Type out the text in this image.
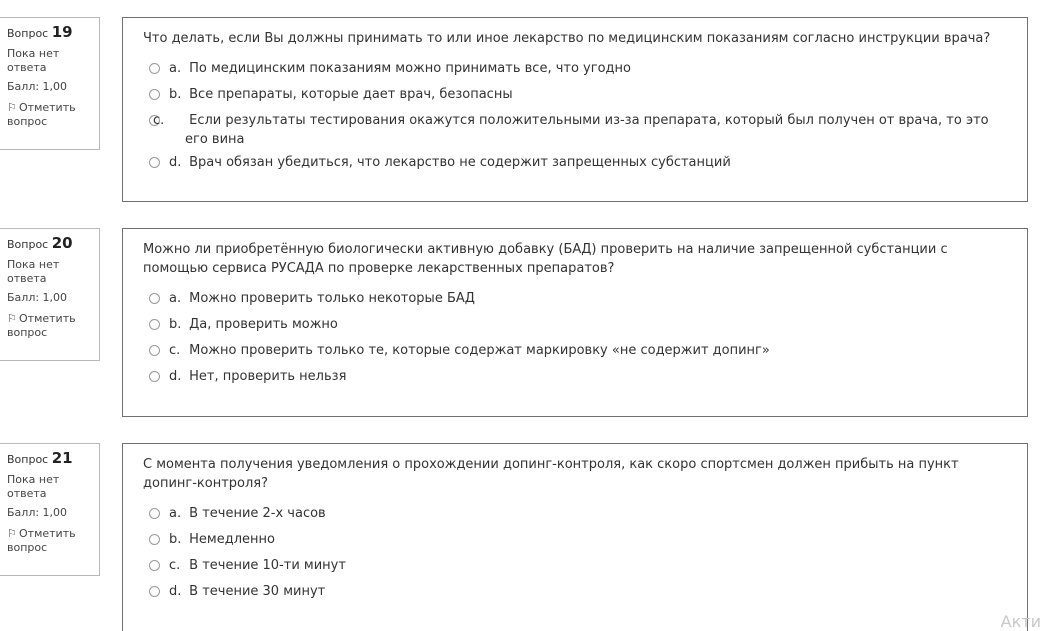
Вопрос 19
Пока нет ответа
Балл: 1,00
⚐ Отметить вопрос
Что делать, если Вы должны принимать то или иное лекарство по медицинским показаниям согласно инструкции врача?
a. По медицинским показаниям можно принимать все, что угодно
b. Все препараты, которые дает врач, безопасны
c. Если результаты тестирования окажутся положительными из-за препарата, который был получен от врача, то это его вина
d. Врач обязан убедиться, что лекарство не содержит запрещенных субстанций
Вопрос 20
Пока нет ответа
Балл: 1,00
⚐ Отметить вопрос
Можно ли приобретённую биологически активную добавку (БАД) проверить на наличие запрещенной субстанции с помощью сервиса РУСАДА по проверке лекарственных препаратов?
a. Можно проверить только некоторые БАД
b. Да, проверить можно
c. Можно проверить только те, которые содержат маркировку «не содержит допинг»
d. Нет, проверить нельзя
Вопрос 21
Пока нет ответа
Балл: 1,00
⚐ Отметить вопрос
С момента получения уведомления о прохождении допинг-контроля, как скоро спортсмен должен прибыть на пункт допинг-контроля?
a. В течение 2-х часов
b. Немедленно
c. В течение 10-ти минут
d. В течение 30 минут
Акти
